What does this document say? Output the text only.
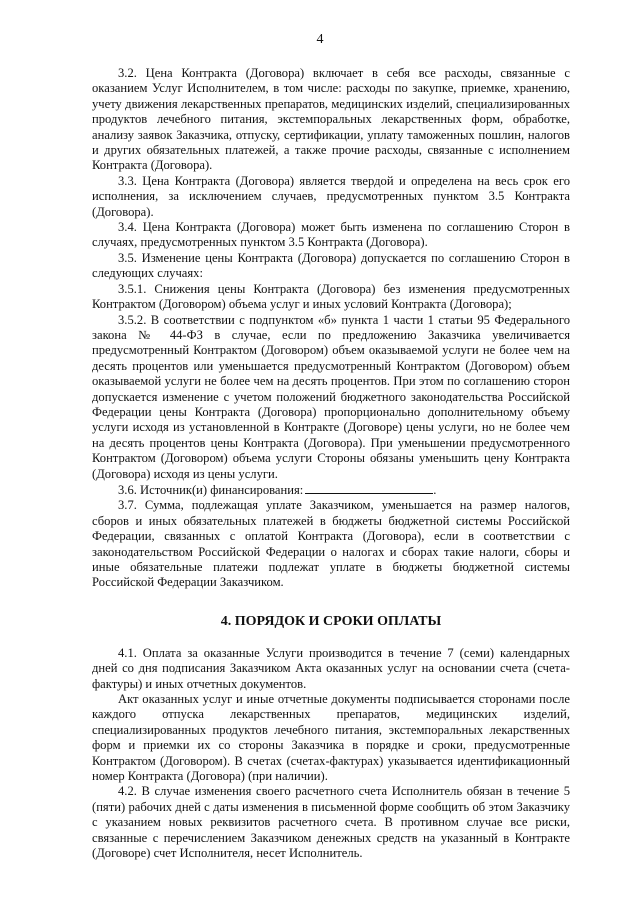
4

3.2. Цена Контракта (Договора) включает в себя все расходы, связанные с оказанием Услуг Исполнителем, в том числе: расходы по закупке, приемке, хранению, учету движения лекарственных препаратов, медицинских изделий, специализированных продуктов лечебного питания, экстемпоральных лекарственных форм, обработке, анализу заявок Заказчика, отпуску, сертификации, уплату таможенных пошлин, налогов и других обязательных платежей, а также прочие расходы, связанные с исполнением Контракта (Договора).

3.3. Цена Контракта (Договора) является твердой и определена на весь срок его исполнения, за исключением случаев, предусмотренных пунктом 3.5 Контракта (Договора).

3.4. Цена Контракта (Договора) может быть изменена по соглашению Сторон в случаях, предусмотренных пунктом 3.5 Контракта (Договора).

3.5. Изменение цены Контракта (Договора) допускается по соглашению Сторон в следующих случаях:

3.5.1. Снижения цены Контракта (Договора) без изменения предусмотренных Контрактом (Договором) объема услуг и иных условий Контракта (Договора);

3.5.2. В соответствии с подпунктом «б» пункта 1 части 1 статьи 95 Федерального закона № 44-ФЗ в случае, если по предложению Заказчика увеличивается предусмотренный Контрактом (Договором) объем оказываемой услуги не более чем на десять процентов или уменьшается предусмотренный Контрактом (Договором) объем оказываемой услуги не более чем на десять процентов. При этом по соглашению сторон допускается изменение с учетом положений бюджетного законодательства Российской Федерации цены Контракта (Договора) пропорционально дополнительному объему услуги исходя из установленной в Контракте (Договоре) цены услуги, но не более чем на десять процентов цены Контракта (Договора). При уменьшении предусмотренного Контрактом (Договором) объема услуги Стороны обязаны уменьшить цену Контракта (Договора) исходя из цены услуги.

3.6. Источник(и) финансирования:	.

3.7. Сумма, подлежащая уплате Заказчиком, уменьшается на размер налогов, сборов и иных обязательных платежей в бюджеты бюджетной системы Российской Федерации, связанных с оплатой Контракта (Договора), если в соответствии с законодательством Российской Федерации о налогах и сборах такие налоги, сборы и иные обязательные платежи подлежат уплате в бюджеты бюджетной системы Российской Федерации Заказчиком.

4. ПОРЯДОК И СРОКИ ОПЛАТЫ

4.1. Оплата за оказанные Услуги производится в течение 7 (семи) календарных дней со дня подписания Заказчиком Акта оказанных услуг на основании счета (счета-фактуры) и иных отчетных документов.

Акт оказанных услуг и иные отчетные документы подписывается сторонами после каждого отпуска лекарственных препаратов, медицинских изделий, специализированных продуктов лечебного питания, экстемпоральных лекарственных форм и приемки их со стороны Заказчика в порядке и сроки, предусмотренные Контрактом (Договором). В счетах (счетах-фактурах) указывается идентификационный номер Контракта (Договора) (при наличии).

4.2. В случае изменения своего расчетного счета Исполнитель обязан в течение 5 (пяти) рабочих дней с даты изменения в письменной форме сообщить об этом Заказчику с указанием новых реквизитов расчетного счета. В противном случае все риски, связанные с перечислением Заказчиком денежных средств на указанный в Контракте (Договоре) счет Исполнителя, несет Исполнитель.
